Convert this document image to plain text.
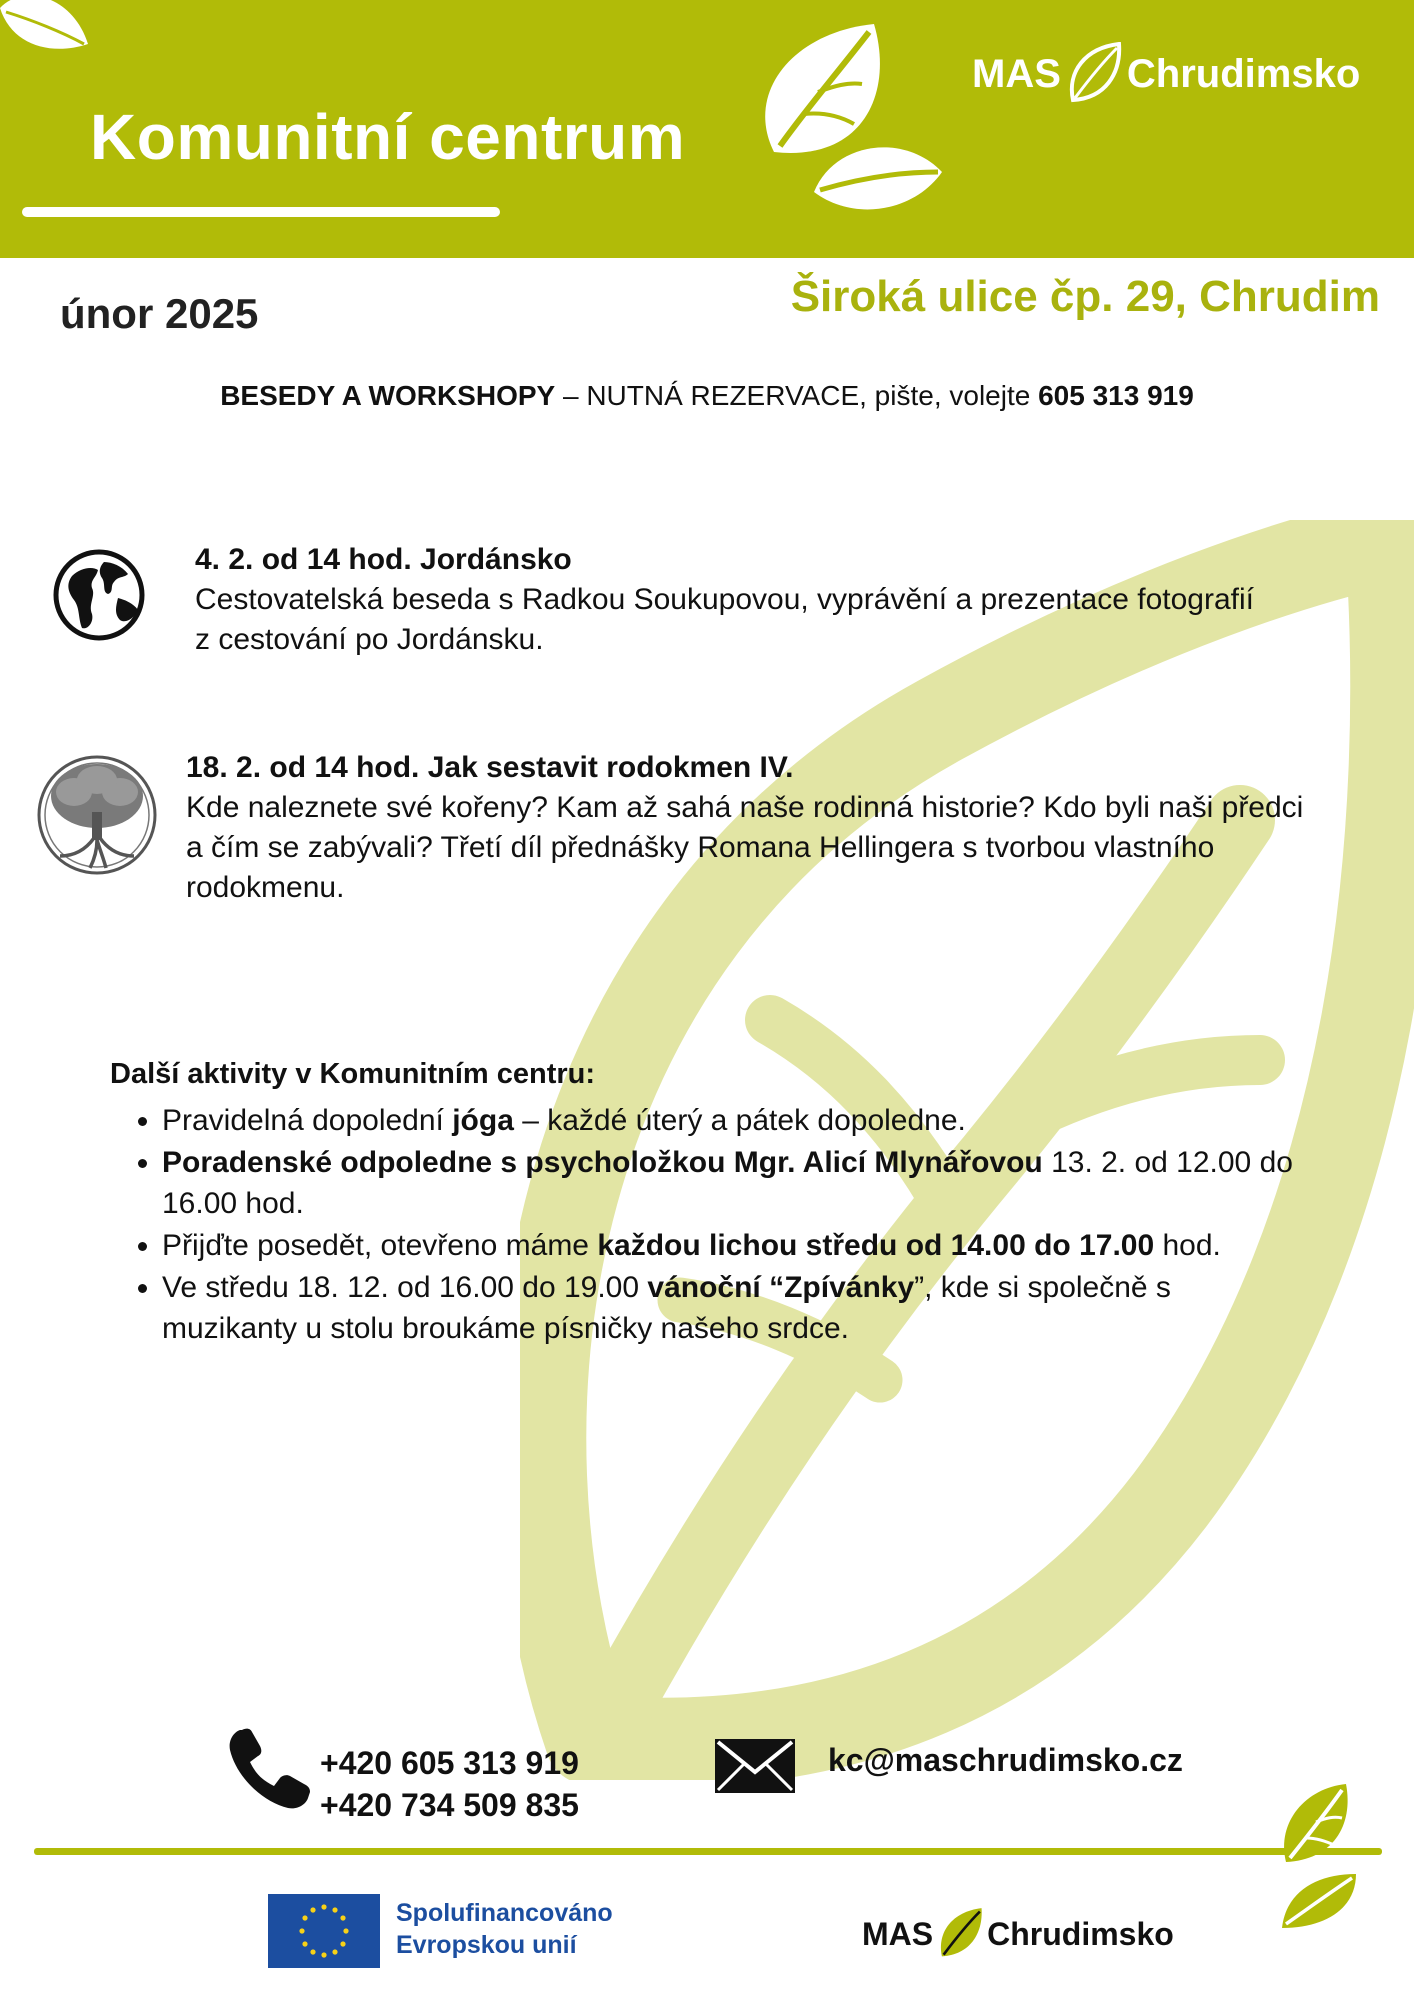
Komunitní centrum
MAS Chrudimsko
únor 2025	Široká ulice čp. 29, Chrudim
BESEDY A WORKSHOPY – NUTNÁ REZERVACE, pište, volejte 605 313 919
4. 2. od 14 hod. Jordánsko
Cestovatelská beseda s Radkou Soukupovou, vyprávění a prezentace fotografií z cestování po Jordánsku.
18. 2. od 14 hod. Jak sestavit rodokmen IV.
Kde naleznete své kořeny? Kam až sahá naše rodinná historie? Kdo byli naši předci a čím se zabývali? Třetí díl přednášky Romana Hellingera s tvorbou vlastního rodokmenu.
Další aktivity v Komunitním centru:
• Pravidelná dopolední jóga – každé úterý a pátek dopoledne.
• Poradenské odpoledne s psycholožkou Mgr. Alicí Mlynářovou 13. 2. od 12.00 do 16.00 hod.
• Přijďte posedět, otevřeno máme každou lichou středu od 14.00 do 17.00 hod.
• Ve středu 18. 12. od 16.00 do 19.00 vánoční “Zpívánky”, kde si společně s muzikanty u stolu broukáme písničky našeho srdce.
+420 605 313 919
+420 734 509 835
kc@maschrudimsko.cz
Spolufinancováno
Evropskou unií	MAS Chrudimsko
